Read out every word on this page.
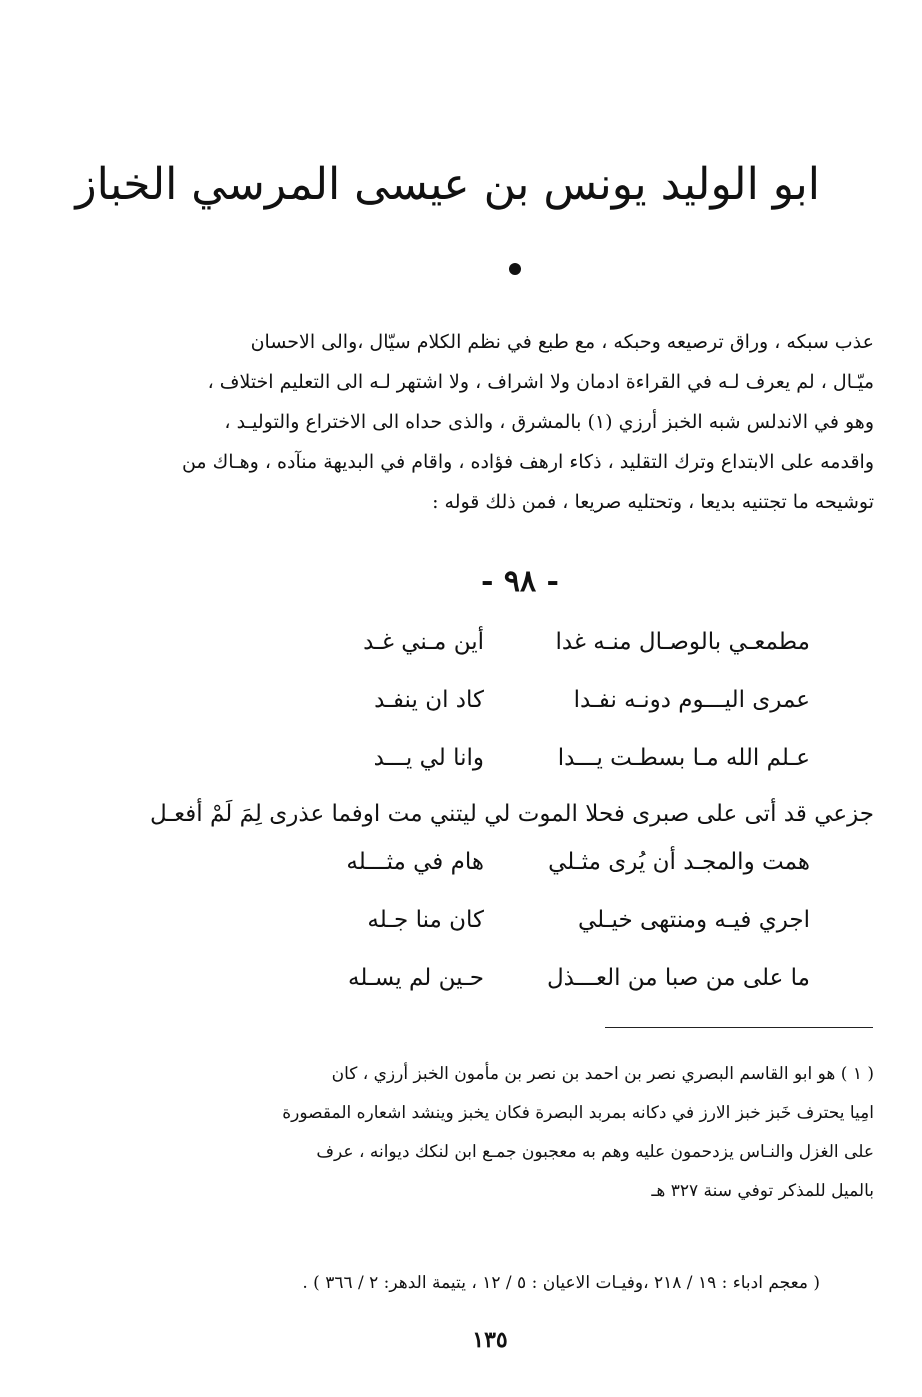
ابو الوليد يونس بن عيسى المرسي الخباز

عذب سبكه ، وراق ترصيعه وحبكه ، مع طبع في نظم الكلام سيّال ،والى الاحسان

ميّـال ، لم يعرف لـه في القراءة ادمان ولا اشراف ، ولا اشتهر لـه الى التعليم اختلاف ،

وهو في الاندلس شبه الخبز أرزي (١) بالمشرق ، والذى حداه الى الاختراع والتوليـد ،

واقدمه على الابتداع وترك التقليد ، ذكاء ارهف فؤاده ، واقام في البديهة منآده ، وهـاك من

توشيحه ما تجتنيه بديعا ، وتحتليه صريعا ، فمن ذلك قوله :

- ٩٨ -
مطمعـي بالوصـال منـه غدا
أين مـني غـد
عمرى اليـــوم دونـه نفـدا
كاد ان ينفـد
عـلم الله مـا بسطـت يـــدا
وانا لي يـــد
جزعي قد أتى على صبرى فحلا الموت لي ليتني مت اوفما عذرى لِمَ لَمْ أفعـل
همت والمجـد أن يُرى مثـلي
هام في مثـــله
اجري فيـه ومنتهى خيـلي
كان منا جـله
ما على من صبا من العـــذل
حـين لم يسـله

( ١ ) هو ابو القاسم البصري نصر بن احمد بن نصر بن مأمون الخبز أرزي ، كان

امِيا يحترف خَبز خبز الارز في دكانه بمربد البصرة فكان يخبز وينشد اشعاره المقصورة

على الغزل والنـاس يزدحمون عليه وهم به معجبون جمـع ابن لنكك ديوانه ، عرف

بالميل للمذكر توفي سنة ٣٢٧ هـ

( معجم ادباء : ١٩ / ٢١٨ ،وفيـات الاعيان : ٥ / ١٢ ، يتيمة الدهر: ٢ / ٣٦٦ ) .
١٣٥
